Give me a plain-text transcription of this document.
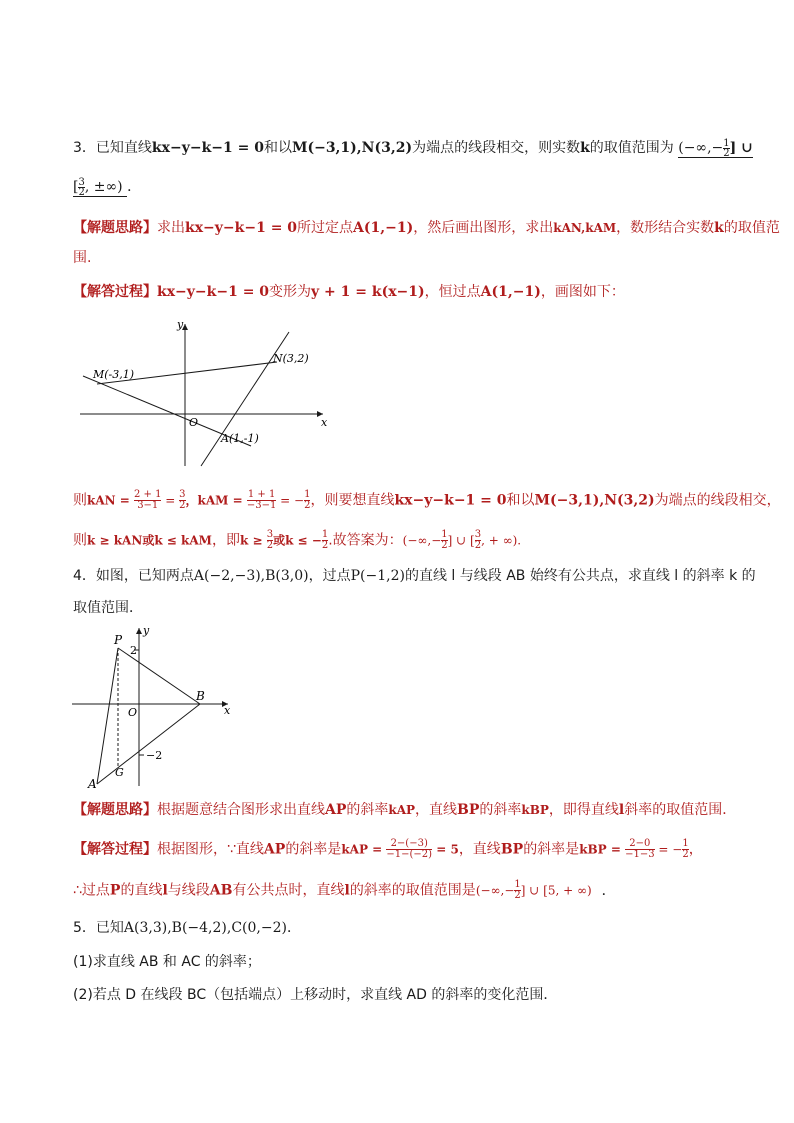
3．已知直线kx−y−k−1 = 0和以M(−3,1),N(3,2)为端点的线段相交，则实数k的取值范围为 (−∞,− $\frac{1}{2}$ ] ∪
[ $\frac{3}{2}$ , ±∞) ．
【解题思路】求出kx−y−k−1 = 0所过定点A(1,−1)，然后画出图形，求出kAN,kAM，数形结合实数k的取值范
围.
【解答过程】kx−y−k−1 = 0变形为y + 1 = k(x−1)，恒过点A(1,−1)，画图如下：
y
x
O
M(-3,1)
N(3,2)
A(1,-1)
则kAN = $\frac{2 + 1}{3-1} = \frac{3}{2}$ ，kAM = $\frac{1 + 1}{-3-1}$ = − $\frac{1}{2}$ ，则要想直线kx−y−k−1 = 0和以M(−3,1),N(3,2)为端点的线段相交，
则k ≥ kAN或k ≤ kAM，即$k \ge \frac{3}{2}$ 或k ≤ − $\frac{1}{2}$ .故答案为：(−∞,− $\frac{1}{2}$ ] ∪ [ $\frac{3}{2}$ , + ∞).
4．如图，已知两点A(−2,−3),B(3,0)，过点P(−1,2)的直线 l 与线段 AB 始终有公共点，求直线 l 的斜率 k 的
取值范围．
P
y
2
B
x
O
−2
G
A
【解题思路】根据题意结合图形求出直线AP的斜率kAP，直线BP的斜率kBP，即得直线l斜率的取值范围．
【解答过程】根据图形，∵直线AP的斜率是kAP = $\frac{2-(-3)}{-1-(-2)} = 5$，直线BP的斜率是kBP = $\frac{2-0}{-1-3}$ = − $\frac{1}{2}$ ，
∴过点P的直线l与线段AB有公共点时，直线l的斜率的取值范围是(−∞,− $\frac{1}{2}$ ] ∪ [5, + ∞) ．
5．已知A(3,3),B(−4,2),C(0,−2)．
(1)求直线 AB 和 AC 的斜率；
(2)若点 D 在线段 BC（包括端点）上移动时，求直线 AD 的斜率的变化范围．
